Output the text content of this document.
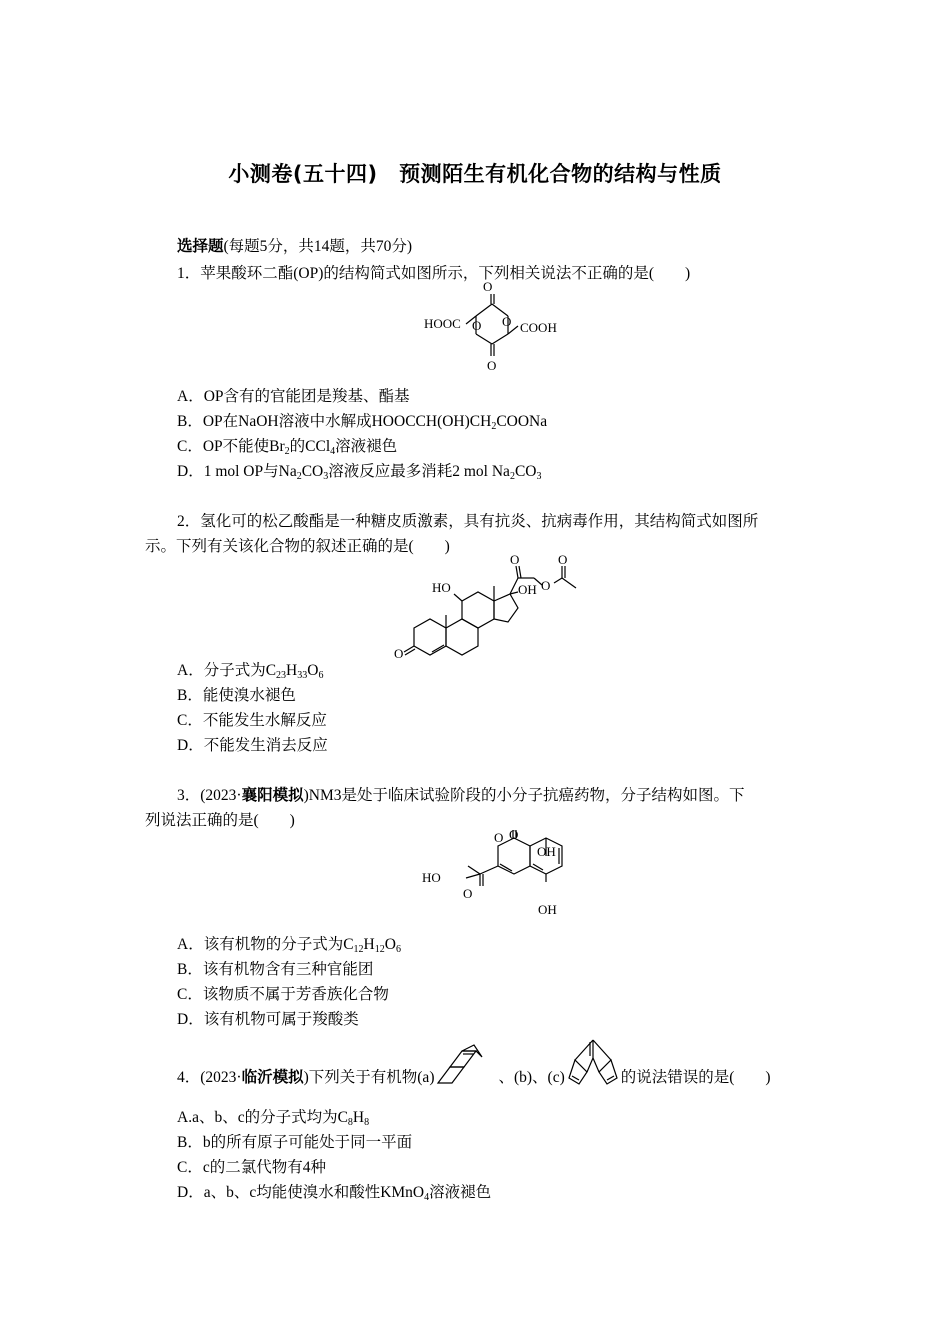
小测卷(五十四)　预测陌生有机化合物的结构与性质
选择题(每题5分，共14题，共70分)
1．苹果酸环二酯(OP)的结构简式如图所示，下列相关说法不正确的是(　　)
O
O
O O
HOOC	COOH
A．OP含有的官能团是羧基、酯基
B．OP在NaOH溶液中水解成$HOOCCH(OH)CH_2COONa$
C．OP不能使$Br_2$的CCl$_4$溶液褪色
D．1 mol OP与$Na_2CO_3$溶液反应最多消耗2 mol $Na_2CO_3$
2．氢化可的松乙酸酯是一种糖皮质激素，具有抗炎、抗病毒作用，其结构简式如图所
示。下列有关该化合物的叙述正确的是(　　)
O
O
O
HO	OH
O
A．分子式为$C_{23}H_{33}O_6$
B．能使溴水褪色
C．不能发生水解反应
D．不能发生消去反应
3．(2023·襄阳模拟)NM3是处于临床试验阶段的小分子抗癌药物，分子结构如图。下
列说法正确的是(　　)
O
O
OH
HO
O
OH
A．该有机物的分子式为$C_{12}H_{12}O_6$
B．该有机物含有三种官能团
C．该物质不属于芳香族化合物
D．该有机物可属于羧酸类
4．(2023·临沂模拟)下列关于有机物(a)	、(b)、(c)	的说法错误的是(　　)
A.a、b、c的分子式均为$C_8H_8$
B．b的所有原子可能处于同一平面
C．c的二氯代物有4种
D．a、b、c均能使溴水和酸性KMnO$_4$溶液褪色
